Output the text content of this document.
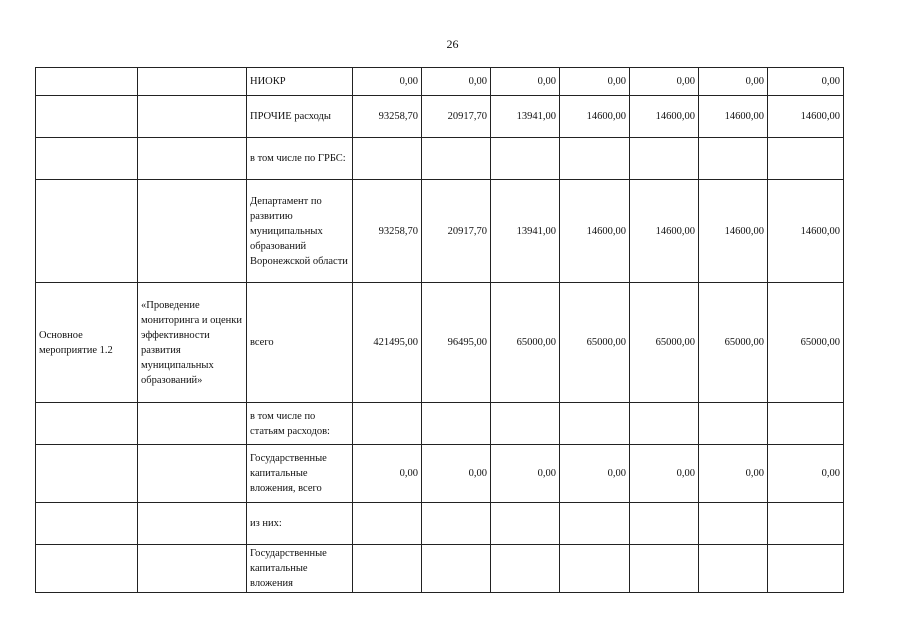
26
		НИОКР	0,00	0,00	0,00	0,00	0,00	0,00	0,00
		ПРОЧИЕ расходы	93258,70	20917,70	13941,00	14600,00	14600,00	14600,00	14600,00
		в том числе по ГРБС:							
		Департамент по развитию муниципальных образований Воронежской области	93258,70	20917,70	13941,00	14600,00	14600,00	14600,00	14600,00
Основное мероприятие 1.2	«Проведение мониторинга и оценки эффективности развития муниципальных образований»	всего	421495,00	96495,00	65000,00	65000,00	65000,00	65000,00	65000,00
		в том числе по статьям расходов:							
		Государственные капитальные вложения, всего	0,00	0,00	0,00	0,00	0,00	0,00	0,00
		из них:							
		Государственные капитальные вложения							
